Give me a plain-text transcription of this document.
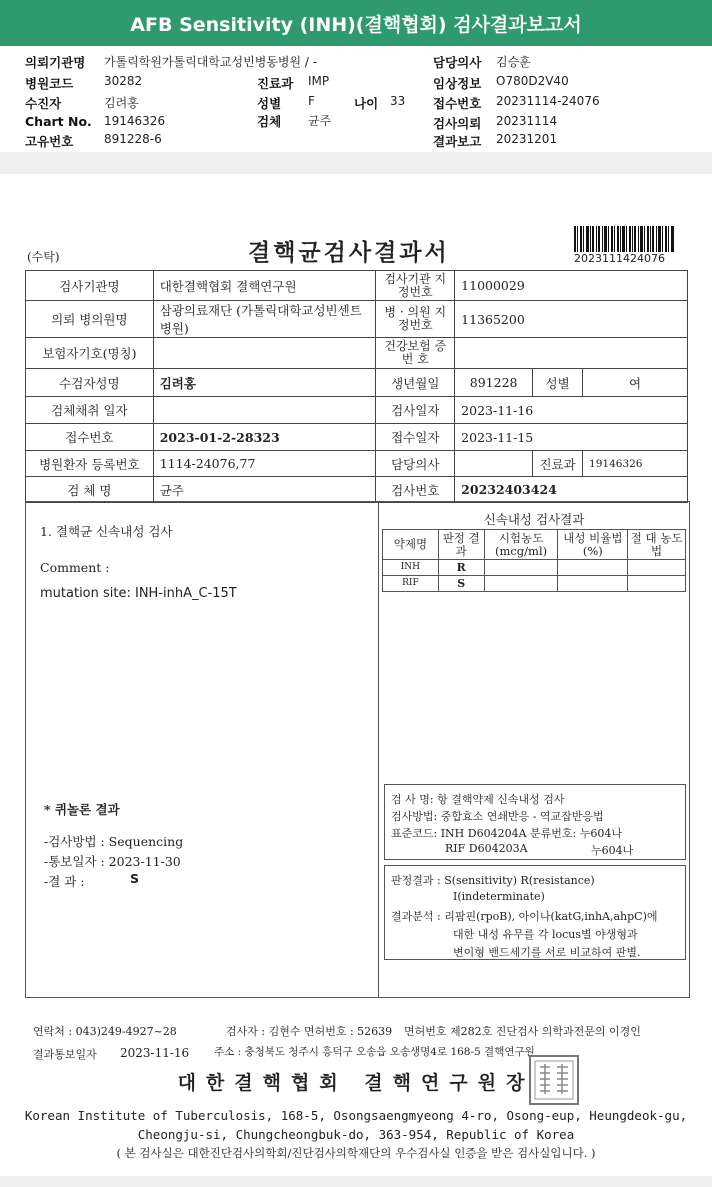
AFB Sensitivity (INH)(결핵협회) 검사결과보고서
의뢰기관명 가톨릭학원가톨릭대학교성빈병동병원 / -
병원코드	30282	진료과 IMP
수진자	김려홍	성별 F	나이 33
Chart No. 19146326	검체 균주
고유번호	891228-6
담당의사 김승훈
임상정보 O780D2V40
접수번호 20231114-24076
검사의뢰 20231114
결과보고 20231201
(수탁)	결핵균검사결과서	2023111424076
검사기관명	대한결핵협회 결핵연구원	검사기관 지정번호	11000029		
의뢰 병의원명	삼광의료재단 (가톨릭대학교성빈센트병원)	병 · 의원 지정번호	11365200		
보험자기호(명칭)		건강보험 증 번 호			
수검자성명	김려홍	생년월일	891228	성별	여
검체채취 일자		검사일자	2023-11-16		
접수번호	2023-01-2-28323	접수일자	2023-11-15		
병원환자 등록번호	1114-24076,77	담당의사		진료과	19146326
검 체 명	균주	검사번호	20232403424		
1. 결핵균 신속내성 검사
Comment :
mutation site: INH-inhA_C-15T
신속내성 검사결과
약제명	판정 결과	시험농도 (mcg/ml)	내성 비율법(%)	절 대 농도법
INH	R			
RIF	S			
* 퀴놀론 결과
-검사방법 : Sequencing
-통보일자 : 2023-11-30
-결 과 :	S
검 사 명: 항 결핵약제 신속내성 검사
검사방법: 중합효소 연쇄반응 - 역교잡반응법
표준코드: INH D604204A 분류번호: 누604나
RIF D604203A	누604나
판정결과 : S(sensitivity) R(resistance)
I(indeterminate)
결과분석 : 리팜핀(rpoB), 아이나(katG,inhA,ahpC)에
대한 내성 유무를 각 locus별 야생형과
변이형 밴드세기를 서로 비교하여 판별.
연락처 : 043)249-4927~28	검사자 : 김현수 면허번호 : 52639 면허번호 제282호 진단검사 의학과전문의 이경인
결과통보일자 2023-11-16 주소 : 충청북도 청주시 흥덕구 오송읍 오송생명4로 168-5 결핵연구원
대한결핵협회 결핵연구원장
Korean Institute of Tuberculosis, 168-5, Osongsaengmyeong 4-ro, Osong-eup, Heungdeok-gu,
Cheongju-si, Chungcheongbuk-do, 363-954, Republic of Korea
( 본 검사실은 대한진단검사의학회/진단검사의학재단의 우수검사실 인증을 받은 검사실입니다. )
